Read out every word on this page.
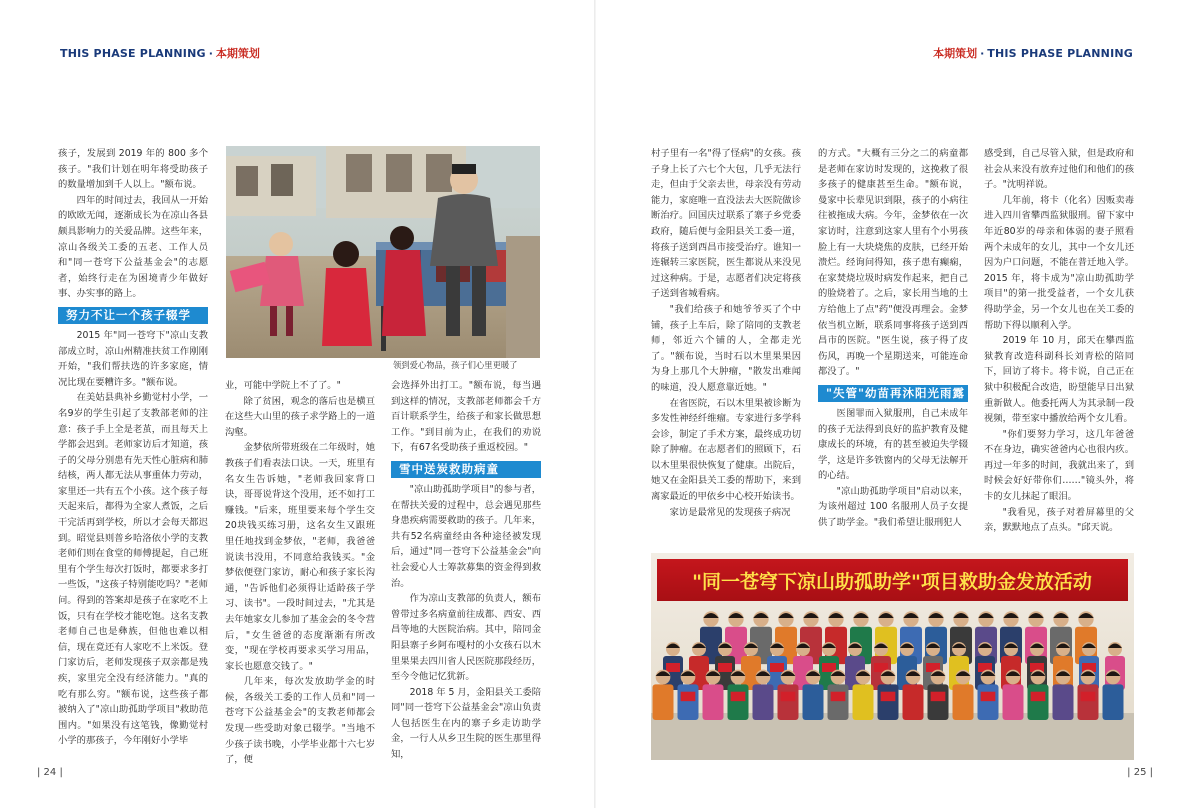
THIS PHASE PLANNING · 本期策划	本期策划 · THIS PHASE PLANNING

孩子，发展到 2019 年的 800 多个孩子。"我们计划在明年将受助孩子的数量增加到千人以上。"额布说。

四年的时间过去，我回从一开始的欧欧无闻，逐渐成长为在凉山各县颇具影响力的关爱品牌。这些年来，凉山各级关工委的五老、工作人员和"同一苍穹下公益基金会"的志愿者，始终行走在为困境青少年做好事、办实事的路上。

努力不让一个孩子辍学

2015 年"同一苍穹下"凉山支教部成立时，凉山州精准扶贫工作刚刚开始，"我们帮扶选的许多家庭，情况比现在要糟许多。"额布说。

在美姑县典补乡勤觉村小学，一名9岁的学生引起了支教部老师的注意：孩子手上全是老茧，而且每天上学都会迟到。老师家访后才知道，孩子的父母分别患有先天性心脏病和肺结核，两人都无法从事重体力劳动，家里还一共有五个小孩。这个孩子每天起来后，都得为全家人煮饭，之后干完活再到学校，所以才会每天都迟到。昭觉县则普乡哈洛依小学的支教老师们则在食堂的师傅提起，自己班里有个学生每次打饭时，都要求多打一些饭，"这孩子特别能吃吗？"老师问。得到的答案却是孩子在家吃不上饭，只有在学校才能吃饱。这名支教老师自己也是彝族，但他也难以相信，现在竟还有人家吃不上米饭。登门家访后，老师发现孩子双亲都是残疾，家里完全没有经济能力。"真的吃有那么穷。"额布说，这些孩子都被纳入了"凉山助孤助学项目"救助范围内。"如果没有这笔钱，像勤觉村小学的那孩子，今年刚好小学毕

领到爱心物品，孩子们心里更暖了

业，可能中学院上不了了。"

除了贫困，观念的落后也是横亘在这些大山里的孩子求学路上的一道沟壑。

金梦依所带班级在二年级时，她教孩子们看表法口诀。一天，班里有名女生告诉她，"老师我回家背口诀，哥哥说背这个没用，还不如打工赚钱。"后来，班里要来每个学生交20块钱买练习册，这名女生又跟班里任地找到金梦依，"老师，我爸爸说读书没用，不同意给我钱买。"金梦依便登门家访，耐心和孩子家长沟通，"告诉他们必须得让适龄孩子学习、读书"。一段时间过去，"尤其是去年她家女儿参加了基金会的冬令营后，"女生爸爸的态度渐渐有所改变，"现在学校再要求买学习用品，家长也愿意交钱了。"

几年来，每次发放助学金的时候，各级关工委的工作人员和"同一苍穹下公益基金会"的支教老师都会发现一些受助对象已辍学。"当地不少孩子读书晚，小学毕业都十六七岁了，便

会选择外出打工。"额布说，每当遇到这样的情况，支教部老师都会千方百计联系学生，给孩子和家长做思想工作。"到目前为止，在我们的劝说下，有67名受助孩子重返校园。"

雪中送炭救助病童

"凉山助孤助学项目"的参与者，在帮扶关爱的过程中，总会遇见那些身患疾病需要救助的孩子。几年来，共有52名病童经由各种途径被发现后，通过"同一苍穹下公益基金会"向社会爱心人士筹款募集的资金得到救治。

作为凉山支教部的负责人，额布曾带过多名病童前往成都、西安、西昌等地的大医院治病。其中，陪同金阳县寨子乡阿布嘎村的小女孩石以木里果果去四川省人民医院那段经历，至今令他记忆犹新。

2018 年 5 月，金阳县关工委陪同"同一苍穹下公益基金会"凉山负责人包括医生在内的寨子乡走访助学金，一行人从乡卫生院的医生那里得知，

村子里有一名"得了怪病"的女孩。孩子身上长了六七个大包，几乎无法行走，但由于父亲去世，母亲没有劳动能力，家庭唯一直没法去大医院做诊断治疗。回国庆过联系了寨子乡党委政府，随后便与金阳县关工委一道，将孩子送到西昌市接受治疗。谁知一连辗转三家医院，医生都说从来没见过这种病。于是，志愿者们决定将孩子送到省城看病。

"我们给孩子和她爷爷买了个中铺，孩子上车后，除了陪同的支教老师，邻近六个铺的人，全都走光了。"额布说，当时石以木里果果因为身上那几个大肿瘤，"散发出难闻的味道，没人愿意靠近她。"

在省医院，石以木里果被诊断为多发性神经纤维瘤。专家进行多学科会诊，制定了手术方案，最终成功切除了肿瘤。在志愿者们的照顾下，石以木里果很快恢复了健康。出院后，她又在金阳县关工委的帮助下，来到离家最近的甲依乡中心校开始读书。

家访是最常见的发现孩子病况

的方式。"大概有三分之二的病童都是老师在家访时发现的，这挽救了很多孩子的健康甚至生命。"额布说，曼家中长辈见识到限，孩子的小病往往被拖成大病。今年，金梦依在一次家访时，注意到这家人里有个小男孩脸上有一大块烧焦的皮肤，已经开始溃烂。经询问得知，孩子患有癫痫，在家焚烧垃圾时病发作起来，把自己的脸烧着了。之后，家长用当地的土方给他上了点"药"便没再理会。金梦依当机立断，联系同事将孩子送到西昌市的医院。"医生说，孩子得了皮伤风，再晚一个星期送来，可能连命都没了。"

"失管"幼苗再沐阳光雨露

医图罪而入狱服刑，自己未成年的孩子无法得到良好的监护教育及健康成长的环境，有的甚至被迫失学辍学，这是许多铁窗内的父母无法解开的心结。

"凉山助孤助学项目"启动以来，为该州超过 100 名服刑人员子女提供了助学金。"我们希望让服刑犯人

感受到，自己尽管入狱，但是政府和社会从来没有放弃过他们和他们的孩子。"沈明祥说。

几年前，将卡（化名）因贩卖毒进入四川省攀西监狱服刑。留下家中年近80岁的母亲和体弱的妻子照看两个未成年的女儿，其中一个女儿还因为户口问题，不能在普迁地入学。2015 年，将卡成为"凉山助孤助学项目"的第一批受益者，一个女儿获得助学金，另一个女儿也在关工委的帮助下得以顺利入学。

2019 年 10 月，邱天在攀西监狱教育改造科副科长刘青松的陪同下，回访了将卡。将卡说，自己正在狱中积极配合改造，盼望能早日出狱重新做人。他委托两人为其录制一段视频，带至家中播放给两个女儿看。

"你们要努力学习，这几年爸爸不在身边，确实爸爸内心也很内疚。再过一年多的时间，我就出来了，到时候会好好带你们……"镜头外，将卡的女儿抹起了眼泪。

"我看见，孩子对着屏幕里的父亲，默默地点了点头。"邱天说。

"同一苍穹下凉山助孤助学"项目救助金发放活动
| 24 |	| 25 |
